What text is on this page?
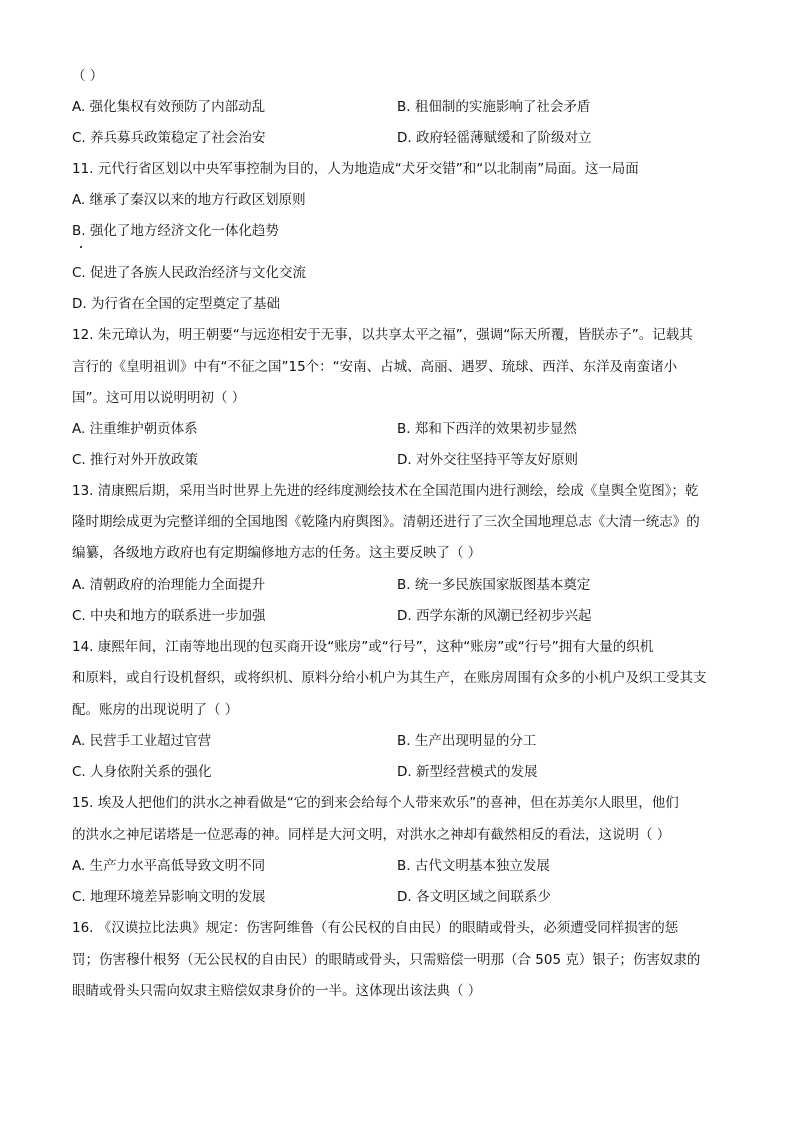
（ ）
A. 强化集权有效预防了内部动乱	B. 租佃制的实施影响了社会矛盾
C. 养兵募兵政策稳定了社会治安	D. 政府轻徭薄赋缓和了阶级对立
11. 元代行省区划以中央军事控制为目的，人为地造成“犬牙交错”和“以北制南”局面。这一局面
A. 继承了秦汉以来的地方行政区划原则
B. 强化了地方经济文化一体化趋势
C. 促进了各族人民政治经济与文化交流
D. 为行省在全国的定型奠定了基础
12. 朱元璋认为，明王朝要“与远迩相安于无事，以共享太平之福”，强调“际天所覆，皆朕赤子”。记载其
言行的《皇明祖训》中有“不征之国”15个：“安南、占城、高丽、遇罗、琉球、西洋、东洋及南蛮诸小
国”。这可用以说明明初（ ）
A. 注重维护朝贡体系	B. 郑和下西洋的效果初步显然
C. 推行对外开放政策	D. 对外交往坚持平等友好原则
13. 清康熙后期，采用当时世界上先进的经纬度测绘技术在全国范围内进行测绘，绘成《皇舆全览图》；乾
隆时期绘成更为完整详细的全国地图《乾隆内府舆图》。清朝还进行了三次全国地理总志《大清一统志》的
编纂，各级地方政府也有定期编修地方志的任务。这主要反映了（ ）
A. 清朝政府的治理能力全面提升	B. 统一多民族国家版图基本奠定
C. 中央和地方的联系进一步加强	D. 西学东渐的风潮已经初步兴起
14. 康熙年间，江南等地出现的包买商开设“账房”或“行号”，这种“账房”或“行号”拥有大量的织机
和原料，或自行设机督织，或将织机、原料分给小机户为其生产，在账房周围有众多的小机户及织工受其支
配。账房的出现说明了（ ）
A. 民营手工业超过官营	B. 生产出现明显的分工
C. 人身依附关系的强化	D. 新型经营模式的发展
15. 埃及人把他们的洪水之神看做是“它的到来会给每个人带来欢乐”的喜神，但在苏美尔人眼里，他们
的洪水之神尼诺塔是一位恶毒的神。同样是大河文明，对洪水之神却有截然相反的看法，这说明（ ）
A. 生产力水平高低导致文明不同	B. 古代文明基本独立发展
C. 地理环境差异影响文明的发展	D. 各文明区域之间联系少
16. 《汉谟拉比法典》规定：伤害阿维鲁（有公民权的自由民）的眼睛或骨头，必须遭受同样损害的惩
罚；伤害穆什根努（无公民权的自由民）的眼睛或骨头，只需赔偿一明那（合 505 克）银子；伤害奴隶的
眼睛或骨头只需向奴隶主赔偿奴隶身价的一半。这体现出该法典（ ）
